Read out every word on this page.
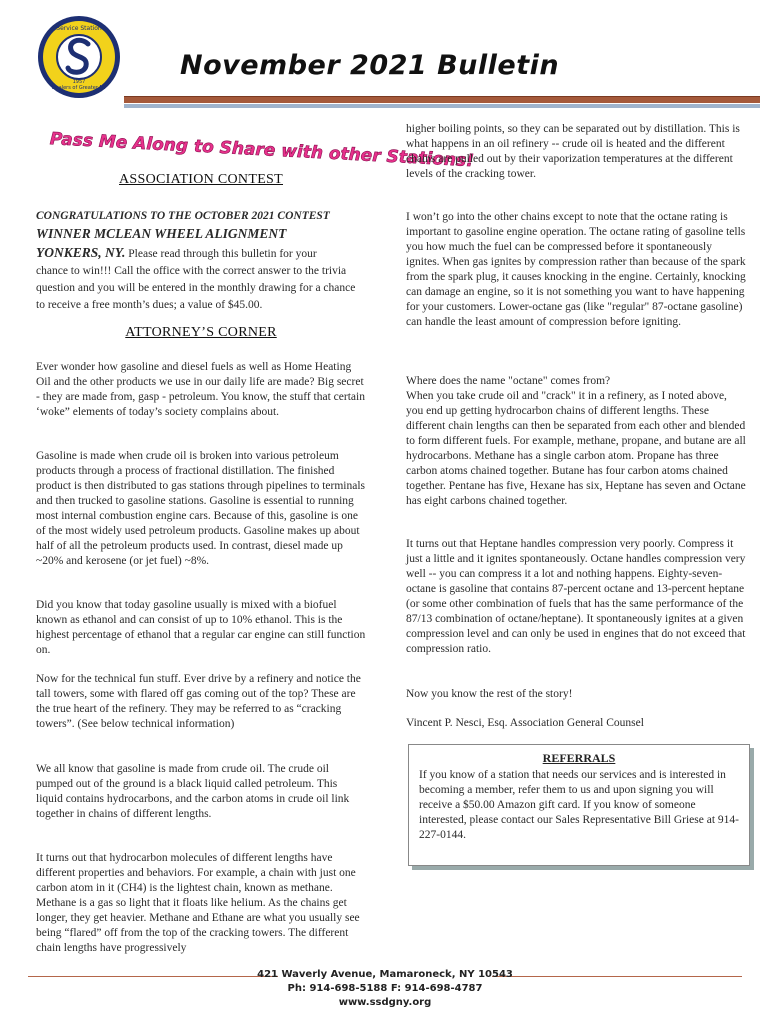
Service Station
Dealers of Greater NY
1957
November 2021 Bulletin
Pass Me Along to Share with other Stations!
ASSOCIATION CONTEST
CONGRATULATIONS TO THE OCTOBER 2021 CONTEST
WINNER MCLEAN WHEEL ALIGNMENT
YONKERS, NY. Please read through this bulletin for your
chance to win!!! Call the office with the correct answer to the trivia question and you will be entered in the monthly drawing for a chance to receive a free month’s dues; a value of $45.00.
ATTORNEY’S CORNER

Ever wonder how gasoline and diesel fuels as well as Home Heating Oil and the other products we use in our daily life are made? Big secret - they are made from, gasp - petroleum. You know, the stuff that certain ‘woke” elements of today’s society complains about.

Gasoline is made when crude oil is broken into various petroleum products through a process of fractional distillation. The finished product is then distributed to gas stations through pipelines to terminals and then trucked to gasoline stations. Gasoline is essential to running most internal combustion engine cars. Because of this, gasoline is one of the most widely used petroleum products. Gasoline makes up about half of all the petroleum products used. In contrast, diesel made up ~20% and kerosene (or jet fuel) ~8%.

Did you know that today gasoline usually is mixed with a biofuel known as ethanol and can consist of up to 10% ethanol. This is the highest percentage of ethanol that a regular car engine can still function on.

Now for the technical fun stuff. Ever drive by a refinery and notice the tall towers, some with flared off gas coming out of the top? These are the true heart of the refinery. They may be referred to as “cracking towers”. (See below technical information)

We all know that gasoline is made from crude oil. The crude oil pumped out of the ground is a black liquid called petroleum. This liquid contains hydrocarbons, and the carbon atoms in crude oil link together in chains of different lengths.

It turns out that hydrocarbon molecules of different lengths have different properties and behaviors. For example, a chain with just one carbon atom in it (CH4) is the lightest chain, known as methane. Methane is a gas so light that it floats like helium. As the chains get longer, they get heavier. Methane and Ethane are what you usually see being “flared” off from the top of the cracking towers. The different chain lengths have progressively

higher boiling points, so they can be separated out by distillation. This is what happens in an oil refinery -- crude oil is heated and the different chains are pulled out by their vaporization temperatures at the different levels of the cracking tower.

I won’t go into the other chains except to note that the octane rating is important to gasoline engine operation. The octane rating of gasoline tells you how much the fuel can be compressed before it spontaneously ignites. When gas ignites by compression rather than because of the spark from the spark plug, it causes knocking in the engine. Certainly, knocking can damage an engine, so it is not something you want to have happening for your customers. Lower-octane gas (like "regular" 87-octane gasoline) can handle the least amount of compression before igniting.

Where does the name "octane" comes from?

When you take crude oil and "crack" it in a refinery, as I noted above, you end up getting hydrocarbon chains of different lengths. These different chain lengths can then be separated from each other and blended to form different fuels. For example, methane, propane, and butane are all hydrocarbons. Methane has a single carbon atom. Propane has three carbon atoms chained together. Butane has four carbon atoms chained together. Pentane has five, Hexane has six, Heptane has seven and Octane has eight carbons chained together.

It turns out that Heptane handles compression very poorly. Compress it just a little and it ignites spontaneously. Octane handles compression very well -- you can compress it a lot and nothing happens. Eighty-seven-octane is gasoline that contains 87-percent octane and 13-percent heptane (or some other combination of fuels that has the same performance of the 87/13 combination of octane/heptane). It spontaneously ignites at a given compression level and can only be used in engines that do not exceed that compression ratio.

Now you know the rest of the story!

Vincent P. Nesci, Esq. Association General Counsel

REFERRALS
If you know of a station that needs our services and is interested in becoming a member, refer them to us and upon signing you will receive a $50.00 Amazon gift card. If you know of someone interested, please contact our Sales Representative Bill Griese at 914-227-0144.
421 Waverly Avenue, Mamaroneck, NY 10543
Ph: 914-698-5188 F: 914-698-4787
www.ssdgny.org
